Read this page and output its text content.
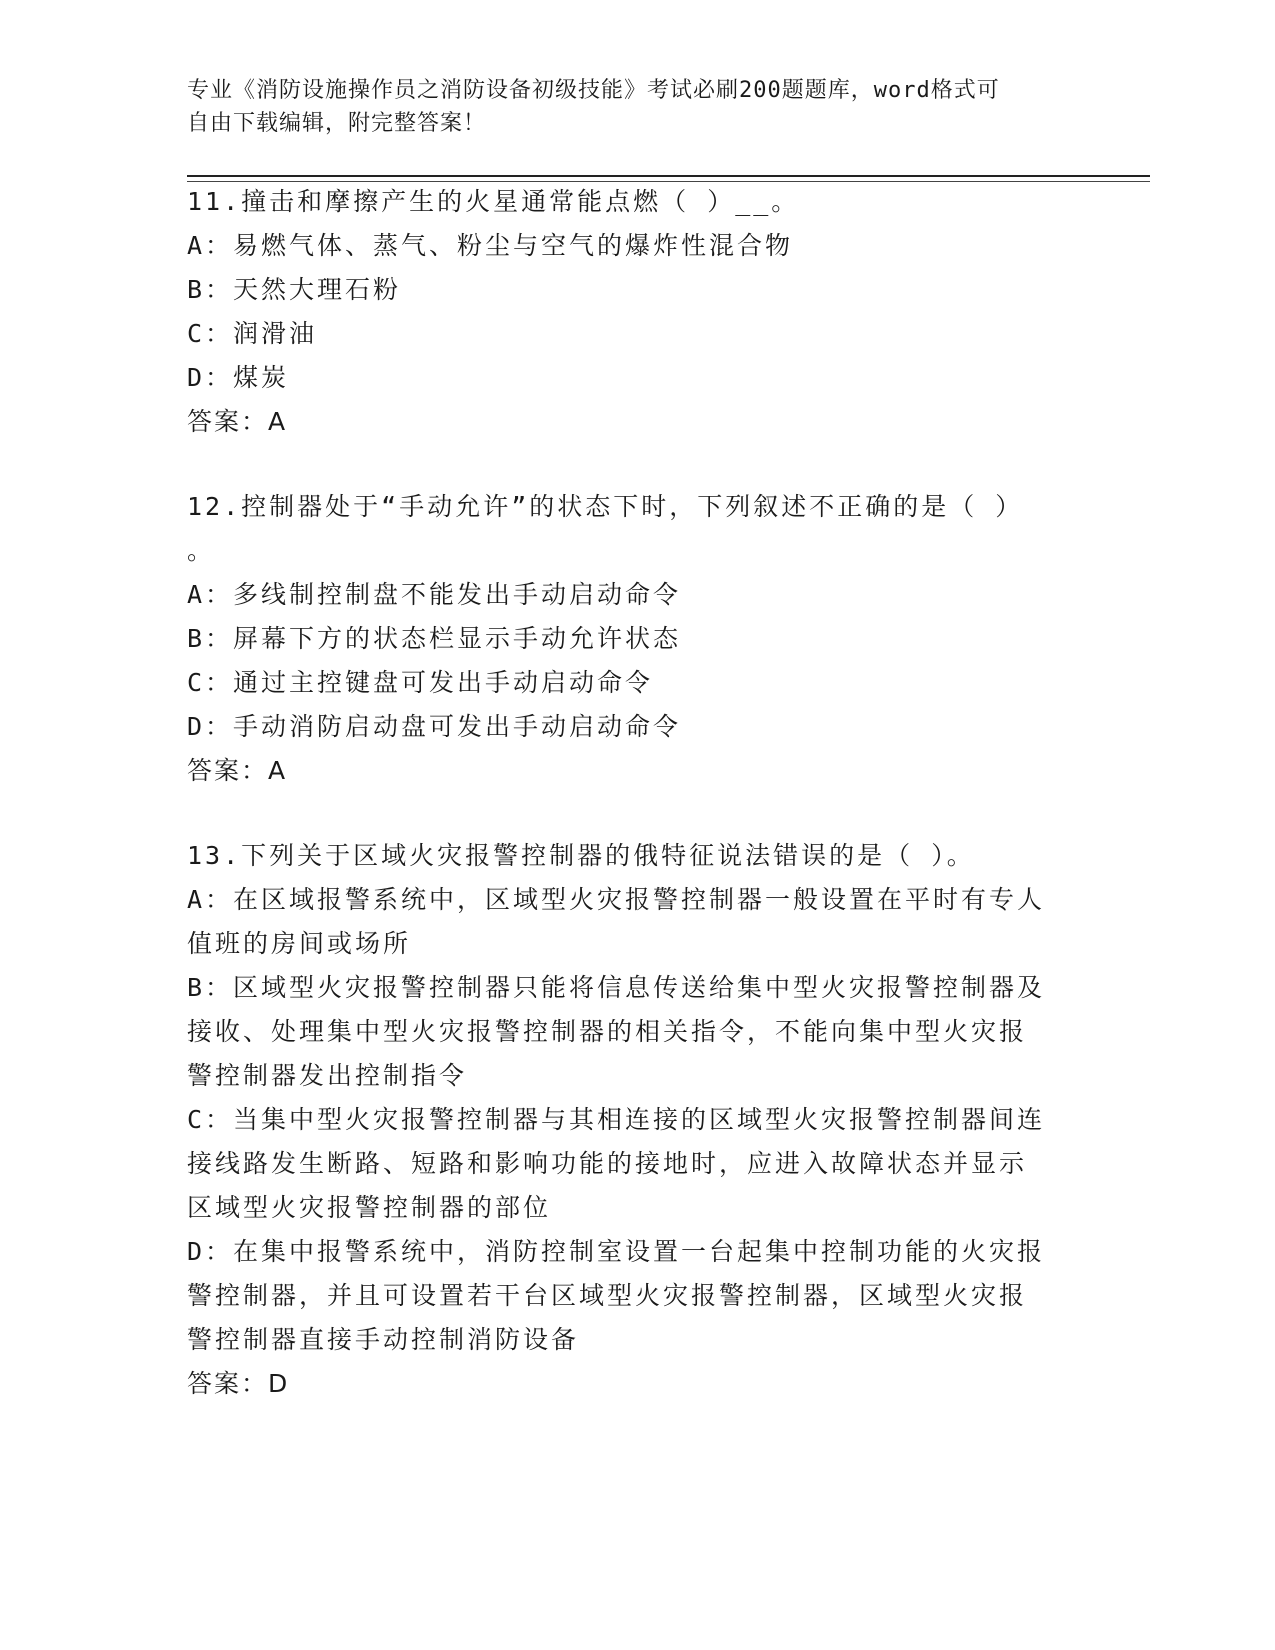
专业《消防设施操作员之消防设备初级技能》考试必刷200题题库，word格式可
自由下载编辑，附完整答案！
11.撞击和摩擦产生的火星通常能点燃（ ）__。
A：易燃气体、蒸气、粉尘与空气的爆炸性混合物
B：天然大理石粉
C：润滑油
D：煤炭
答案：A
12.控制器处于“手动允许”的状态下时，下列叙述不正确的是（ ）
。
A：多线制控制盘不能发出手动启动命令
B：屏幕下方的状态栏显示手动允许状态
C：通过主控键盘可发出手动启动命令
D：手动消防启动盘可发出手动启动命令
答案：A
13.下列关于区域火灾报警控制器的俄特征说法错误的是（ ）。
A：在区域报警系统中，区域型火灾报警控制器一般设置在平时有专人
值班的房间或场所
B：区域型火灾报警控制器只能将信息传送给集中型火灾报警控制器及
接收、处理集中型火灾报警控制器的相关指令，不能向集中型火灾报
警控制器发出控制指令
C：当集中型火灾报警控制器与其相连接的区域型火灾报警控制器间连
接线路发生断路、短路和影响功能的接地时，应进入故障状态并显示
区域型火灾报警控制器的部位
D：在集中报警系统中，消防控制室设置一台起集中控制功能的火灾报
警控制器，并且可设置若干台区域型火灾报警控制器，区域型火灾报
警控制器直接手动控制消防设备
答案：D
